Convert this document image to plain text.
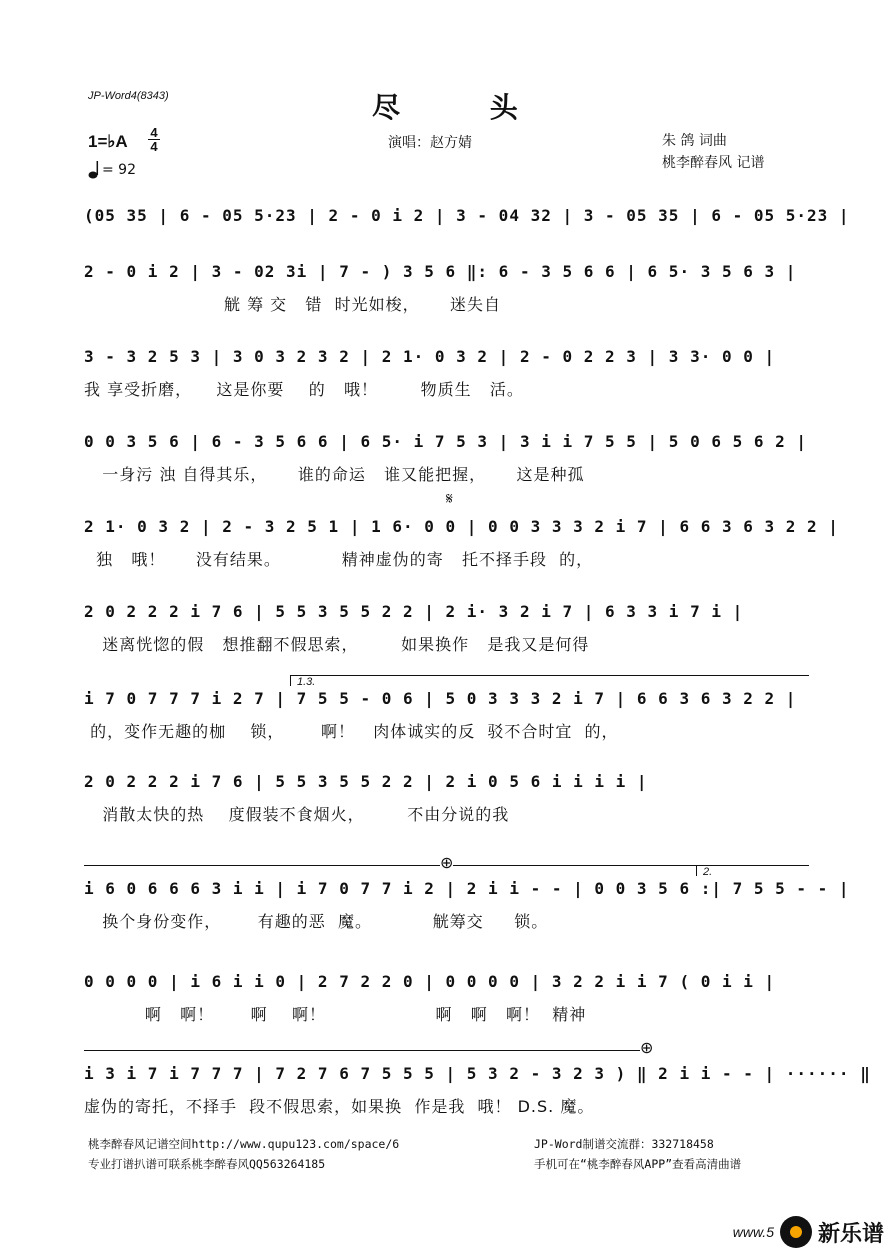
JP-Word4(8343)	尽 头
1=♭A 4
4
= 92
演唱：赵方婧	朱 鸽 词曲
桃李醉春风 记谱
(05 35 | 6 - 05 5·23 | 2 - 0 i 2 | 3 - 04 32 | 3 - 05 35 | 6 - 05 5·23 |
2 - 0 i 2 | 3 - 02 3i | 7 - ) 3 5 6 ‖: 6 - 3 5 6 6 | 6 5· 3 5 6 3 |
觥 筹 交   错  时光如梭，     迷失自
3 - 3 2 5 3 | 3 0 3 2 3 2 | 2 1· 0 3 2 | 2 - 0 2 2 3 | 3 3· 0 0 |
我 享受折磨，    这是你要    的   哦！       物质生   活。
0 0 3 5 6 | 6 - 3 5 6 6 | 6 5· i 7 5 3 | 3 i i 7 5 5 | 5 0 6 5 6 2 |
一身污 浊 自得其乐，     谁的命运   谁又能把握，     这是种孤
𝄋
2 1· 0 3 2 | 2 - 3 2 5 1 | 1 6· 0 0 | 0 0 3 3 3 2 i 7 | 6 6 3 6 3 2 2 |
独   哦！     没有结果。          精神虚伪的寄   托不择手段  的，
2 0 2 2 2 i 7 6 | 5 5 3 5 5 2 2 | 2 i· 3 2 i 7 | 6 3 3 i 7 i |
迷离恍惚的假   想推翻不假思索，       如果换作   是我又是何得
1.3.
i 7 0 7 7 7 i 2 7 | 7 5 5 - 0 6 | 5 0 3 3 3 2 i 7 | 6 6 3 6 3 2 2 |
的，变作无趣的枷    锁，      啊！   肉体诚实的反  驳不合时宜  的，
2 0 2 2 2 i 7 6 | 5 5 3 5 5 2 2 | 2 i 0 5 6 i i i i |
消散太快的热    度假装不食烟火，       不由分说的我
⊕	2.
i 6 0 6 6 6 3 i i | i 7 0 7 7 i 2 | 2 i i - - | 0 0 3 5 6 :| 7 5 5 - - |
换个身份变作，      有趣的恶  魔。          觥筹交     锁。
0 0 0 0 | i 6 i i 0 | 2 7 2 2 0 | 0 0 0 0 | 3 2 2 i i 7 ( 0 i i |
啊   啊！      啊    啊！                  啊   啊   啊！  精神
⊕
i 3 i 7 i 7 7 7 | 7 2 7 6 7 5 5 5 | 5 3 2 - 3 2 3 ) ‖ 2 i i - - | ······ ‖
虚伪的寄托，不择手  段不假思索，如果换  作是我  哦！ D.S. 魔。
桃李醉春风记谱空间http://www.qupu123.com/space/6
专业打谱扒谱可联系桃李醉春风QQ563264185
JP-Word制谱交流群：332718458
手机可在“桃李醉春风APP”查看高清曲谱
www.5 新乐谱
